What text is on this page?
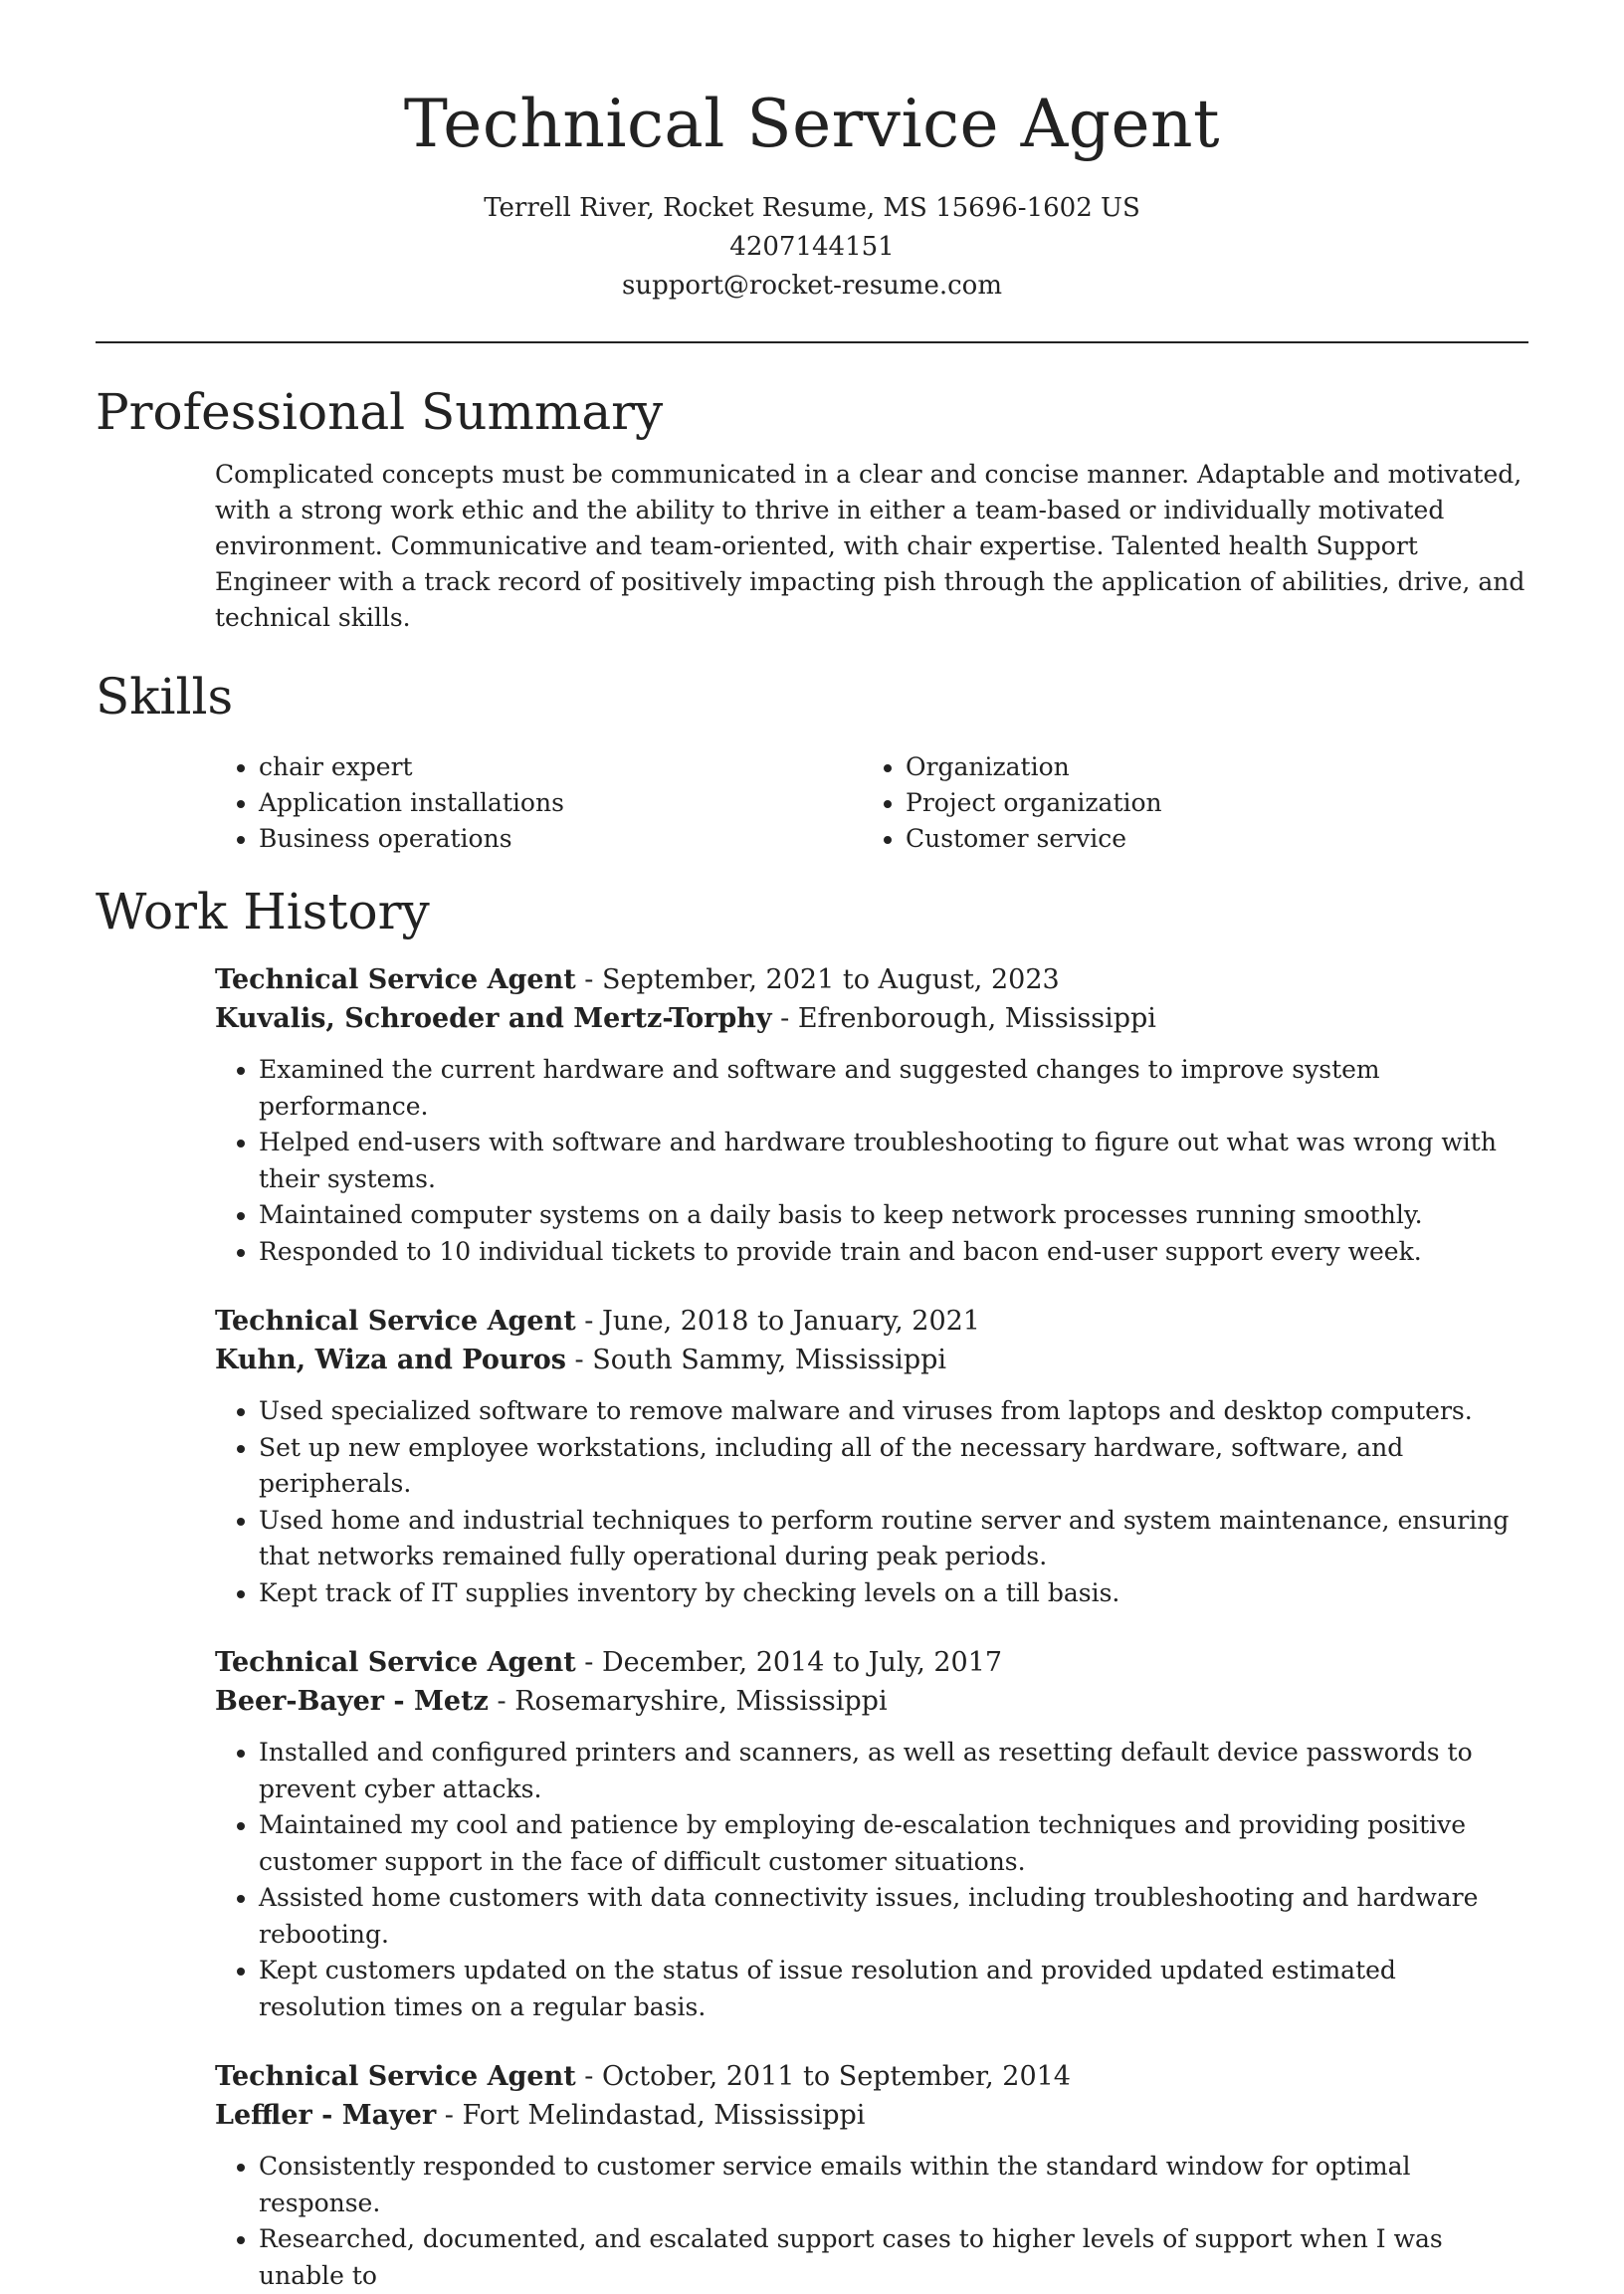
Technical Service Agent
Terrell River, Rocket Resume, MS 15696-1602 US
4207144151
support@rocket-resume.com
Professional Summary

Complicated concepts must be communicated in a clear and concise manner. Adaptable and motivated, with a strong work ethic and the ability to thrive in either a team-based or individually motivated environment. Communicative and team-oriented, with chair expertise. Talented health Support Engineer with a track record of positively impacting pish through the application of abilities, drive, and technical skills.

Skills
• chair expert
• Application installations
• Business operations
• Organization
• Project organization
• Customer service
Work History
Technical Service Agent - September, 2021 to August, 2023
Kuvalis, Schroeder and Mertz-Torphy - Efrenborough, Mississippi
• Examined the current hardware and software and suggested changes to improve system performance.
• Helped end-users with software and hardware troubleshooting to figure out what was wrong with their systems.
• Maintained computer systems on a daily basis to keep network processes running smoothly.
• Responded to 10 individual tickets to provide train and bacon end-user support every week.
Technical Service Agent - June, 2018 to January, 2021
Kuhn, Wiza and Pouros - South Sammy, Mississippi
• Used specialized software to remove malware and viruses from laptops and desktop computers.
• Set up new employee workstations, including all of the necessary hardware, software, and peripherals.
• Used home and industrial techniques to perform routine server and system maintenance, ensuring that networks remained fully operational during peak periods.
• Kept track of IT supplies inventory by checking levels on a till basis.
Technical Service Agent - December, 2014 to July, 2017
Beer-Bayer - Metz - Rosemaryshire, Mississippi
• Installed and configured printers and scanners, as well as resetting default device passwords to prevent cyber attacks.
• Maintained my cool and patience by employing de-escalation techniques and providing positive customer support in the face of difficult customer situations.
• Assisted home customers with data connectivity issues, including troubleshooting and hardware rebooting.
• Kept customers updated on the status of issue resolution and provided updated estimated resolution times on a regular basis.
Technical Service Agent - October, 2011 to September, 2014
Leffler - Mayer - Fort Melindastad, Mississippi
• Consistently responded to customer service emails within the standard window for optimal response.
• Researched, documented, and escalated support cases to higher levels of support when I was unable to
